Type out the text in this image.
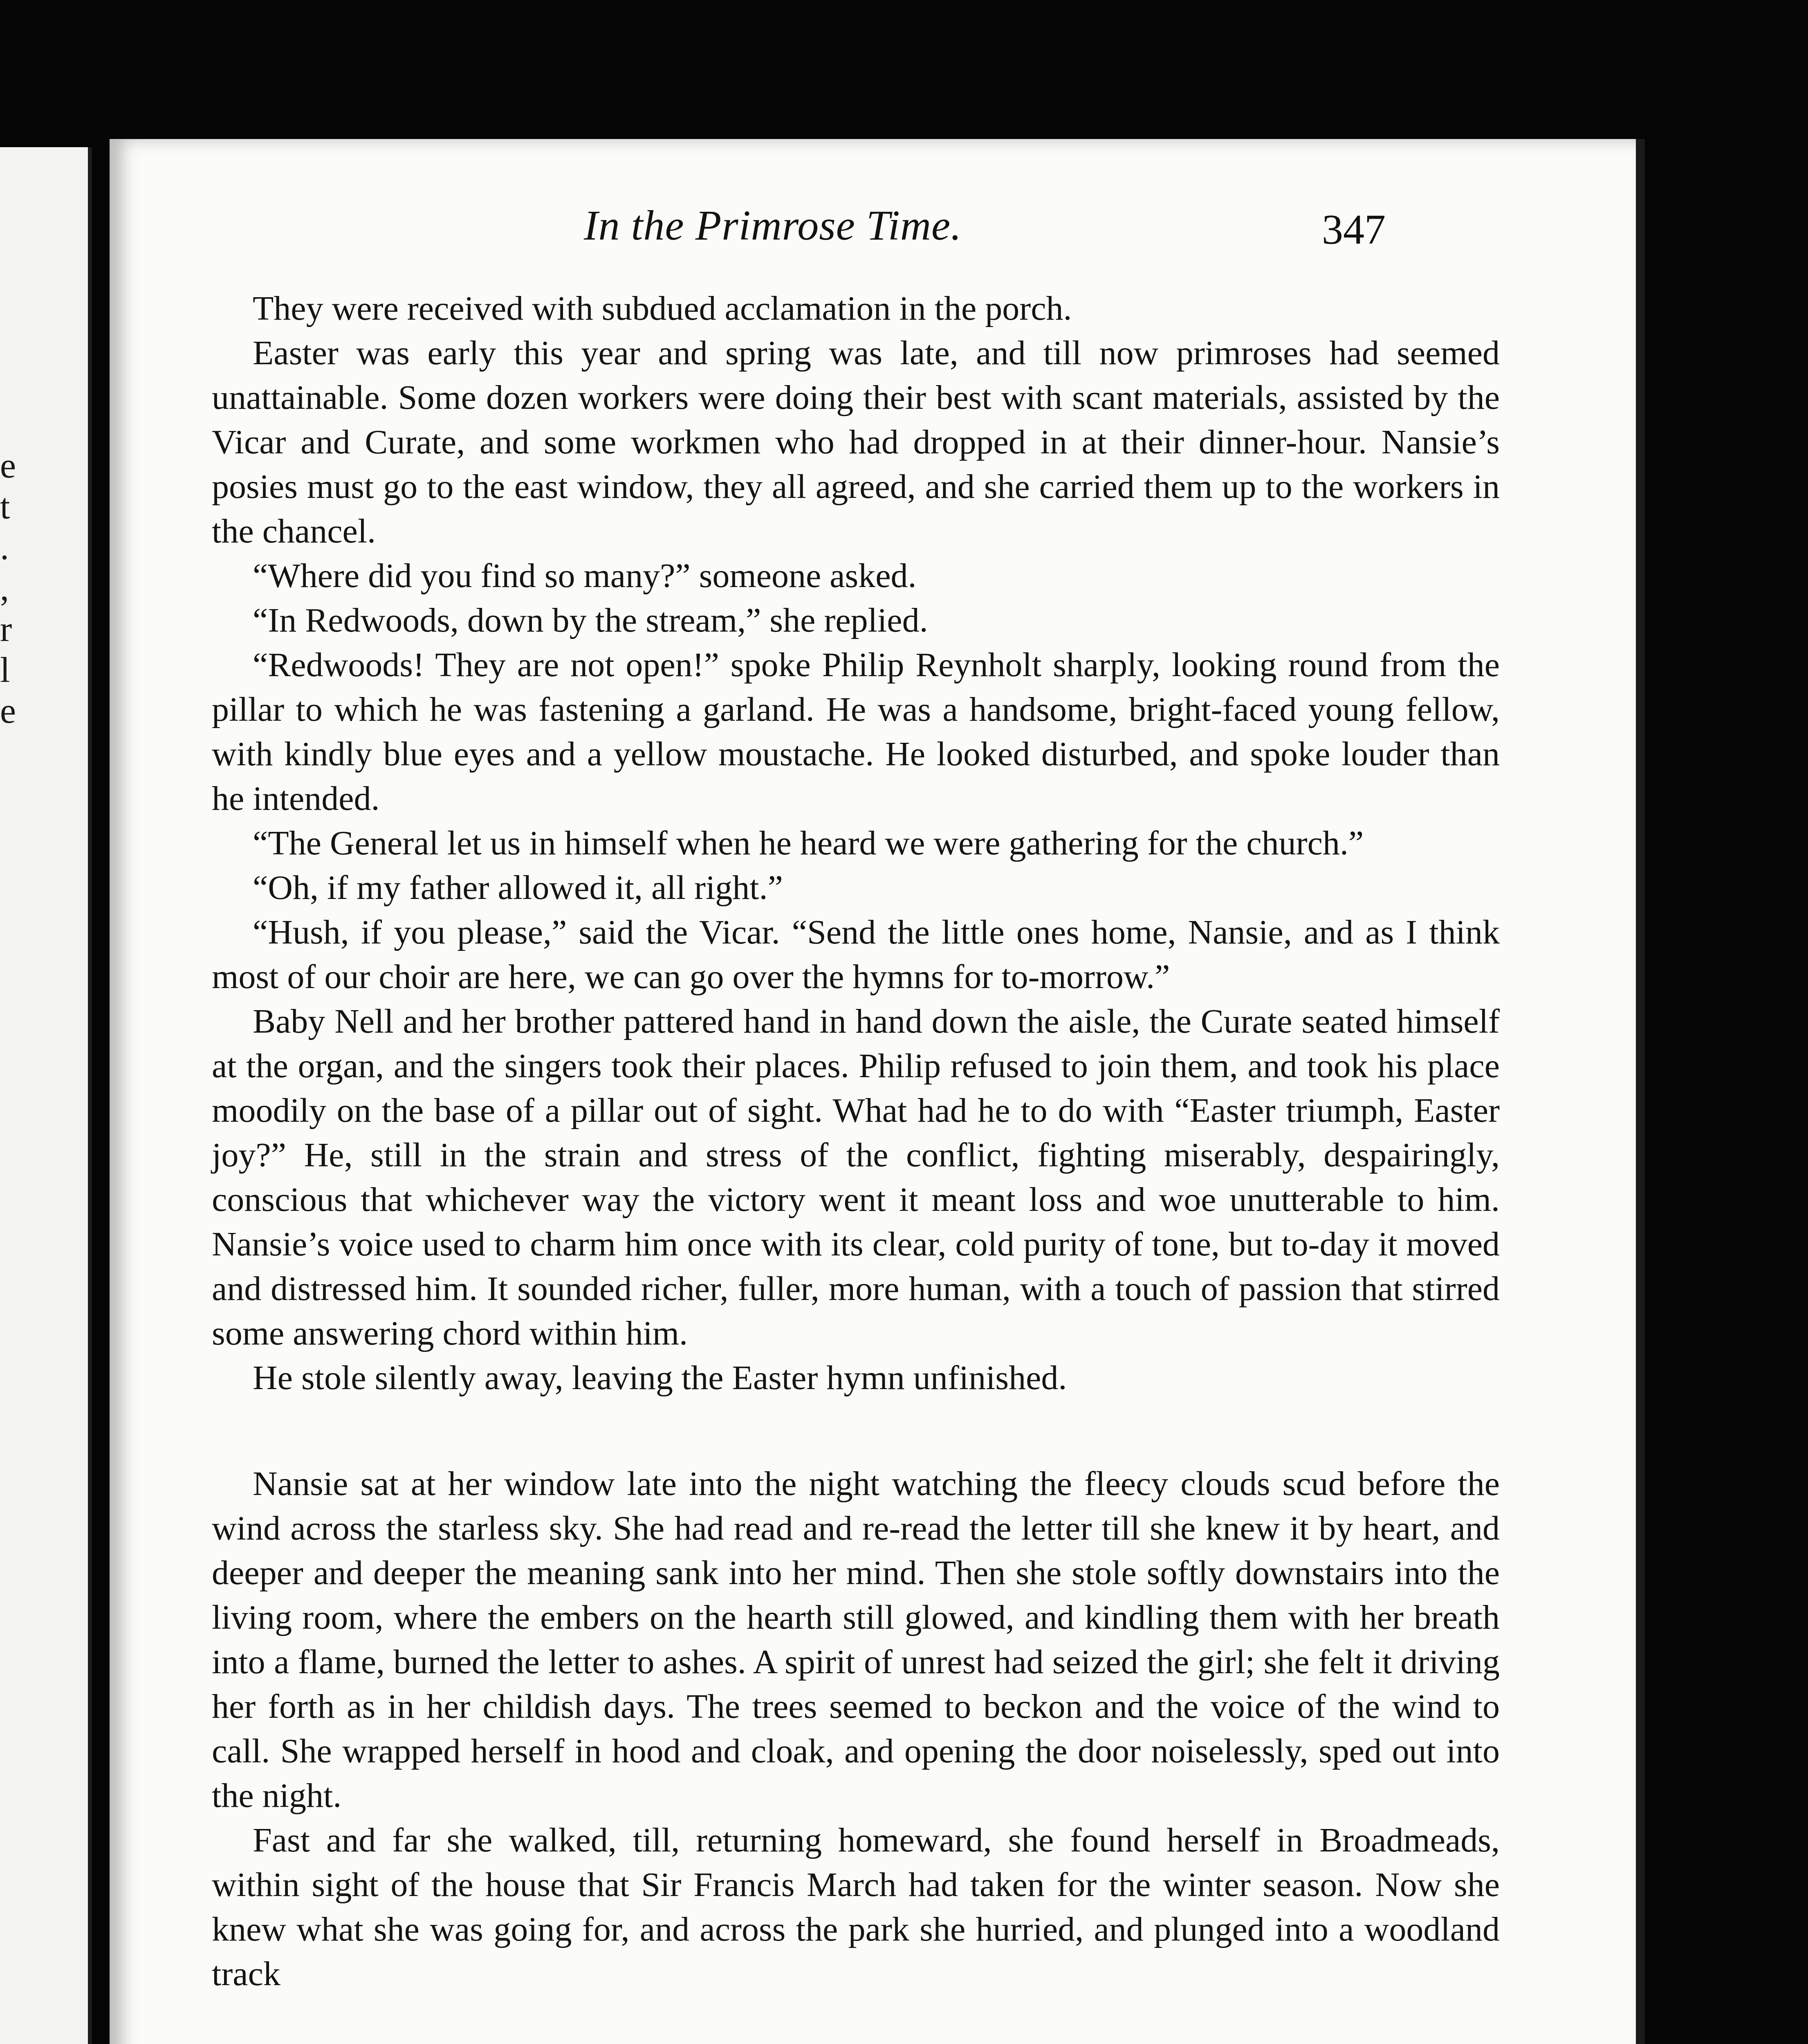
e
t
.
,
r
l
e
In the Primrose Time.	347

They were received with subdued acclamation in the porch.

Easter was early this year and spring was late, and till now primroses had seemed unattainable. Some dozen workers were doing their best with scant materials, assisted by the Vicar and Curate, and some workmen who had dropped in at their dinner-hour. Nansie’s posies must go to the east window, they all agreed, and she carried them up to the workers in the chancel.

“Where did you find so many?” someone asked.

“In Redwoods, down by the stream,” she replied.

“Redwoods! They are not open!” spoke Philip Reynholt sharply, looking round from the pillar to which he was fastening a garland. He was a handsome, bright-faced young fellow, with kindly blue eyes and a yellow moustache. He looked disturbed, and spoke louder than he intended.

“The General let us in himself when he heard we were gathering for the church.”

“Oh, if my father allowed it, all right.”

“Hush, if you please,” said the Vicar. “Send the little ones home, Nansie, and as I think most of our choir are here, we can go over the hymns for to-morrow.”

Baby Nell and her brother pattered hand in hand down the aisle, the Curate seated himself at the organ, and the singers took their places. Philip refused to join them, and took his place moodily on the base of a pillar out of sight. What had he to do with “Easter triumph, Easter joy?” He, still in the strain and stress of the conflict, fighting miserably, despairingly, conscious that whichever way the victory went it meant loss and woe unutterable to him. Nansie’s voice used to charm him once with its clear, cold purity of tone, but to-day it moved and distressed him. It sounded richer, fuller, more human, with a touch of passion that stirred some answering chord within him.

He stole silently away, leaving the Easter hymn unfinished.

Nansie sat at her window late into the night watching the fleecy clouds scud before the wind across the starless sky. She had read and re-read the letter till she knew it by heart, and deeper and deeper the meaning sank into her mind. Then she stole softly downstairs into the living room, where the embers on the hearth still glowed, and kindling them with her breath into a flame, burned the letter to ashes. A spirit of unrest had seized the girl; she felt it driving her forth as in her childish days. The trees seemed to beckon and the voice of the wind to call. She wrapped herself in hood and cloak, and opening the door noiselessly, sped out into the night.

Fast and far she walked, till, returning homeward, she found herself in Broadmeads, within sight of the house that Sir Francis March had taken for the winter season. Now she knew what she was going for, and across the park she hurried, and plunged into a woodland track
